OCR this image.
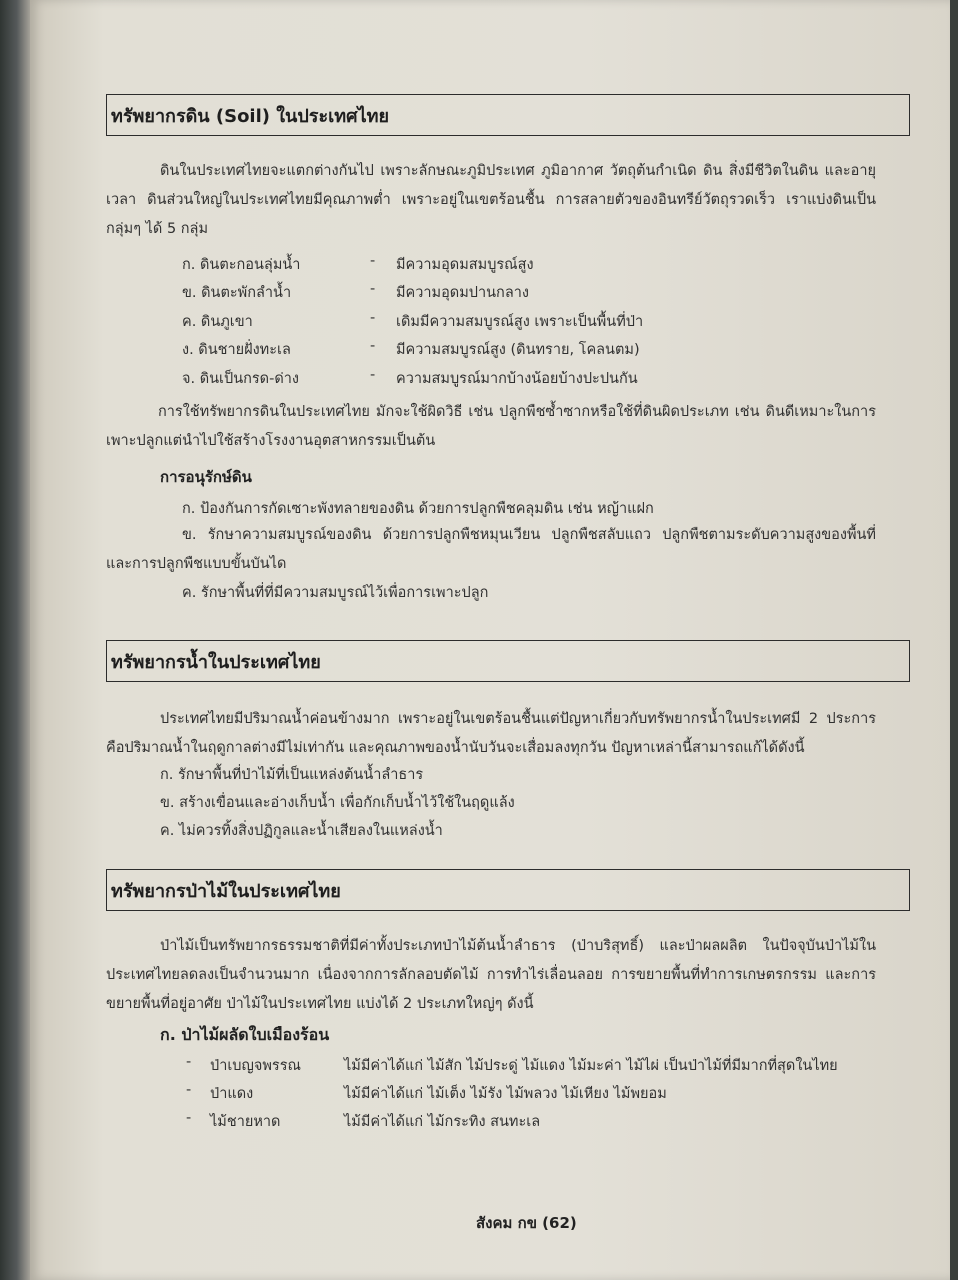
ทรัพยากรดิน (Soil) ในประเทศไทย
ดินในประเทศไทยจะแตกต่างกันไป เพราะลักษณะภูมิประเทศ ภูมิอากาศ วัตถุต้นกำเนิด ดิน สิ่งมีชีวิตในดิน และอายุเวลา ดินส่วนใหญ่ในประเทศไทยมีคุณภาพต่ำ เพราะอยู่ในเขตร้อนชื้น การสลายตัวของอินทรีย์วัตถุรวดเร็ว เราแบ่งดินเป็นกลุ่มๆ ได้ 5 กลุ่ม
ก. ดินตะกอนลุ่มน้ำ	- มีความอุดมสมบูรณ์สูง
ข. ดินตะพักลำน้ำ	- มีความอุดมปานกลาง
ค. ดินภูเขา	- เดิมมีความสมบูรณ์สูง เพราะเป็นพื้นที่ป่า
ง. ดินชายฝั่งทะเล	- มีความสมบูรณ์สูง (ดินทราย, โคลนตม)
จ. ดินเป็นกรด-ด่าง	- ความสมบูรณ์มากบ้างน้อยบ้างปะปนกัน
การใช้ทรัพยากรดินในประเทศไทย มักจะใช้ผิดวิธี เช่น ปลูกพืชซ้ำซากหรือใช้ที่ดินผิดประเภท เช่น ดินดีเหมาะในการเพาะปลูกแต่นำไปใช้สร้างโรงงานอุตสาหกรรมเป็นต้น
การอนุรักษ์ดิน
ก. ป้องกันการกัดเซาะพังทลายของดิน ด้วยการปลูกพืชคลุมดิน เช่น หญ้าแฝก
ข. รักษาความสมบูรณ์ของดิน ด้วยการปลูกพืชหมุนเวียน ปลูกพืชสลับแถว ปลูกพืชตามระดับความสูงของพื้นที่ และการปลูกพืชแบบขั้นบันได
ค. รักษาพื้นที่ที่มีความสมบูรณ์ไว้เพื่อการเพาะปลูก
ทรัพยากรน้ำในประเทศไทย
ประเทศไทยมีปริมาณน้ำค่อนข้างมาก เพราะอยู่ในเขตร้อนชื้นแต่ปัญหาเกี่ยวกับทรัพยากรน้ำในประเทศมี 2 ประการ คือปริมาณน้ำในฤดูกาลต่างมีไม่เท่ากัน และคุณภาพของน้ำนับวันจะเสื่อมลงทุกวัน ปัญหาเหล่านี้สามารถแก้ได้ดังนี้
ก. รักษาพื้นที่ป่าไม้ที่เป็นแหล่งต้นน้ำลำธาร
ข. สร้างเขื่อนและอ่างเก็บน้ำ เพื่อกักเก็บน้ำไว้ใช้ในฤดูแล้ง
ค. ไม่ควรทิ้งสิ่งปฏิกูลและน้ำเสียลงในแหล่งน้ำ
ทรัพยากรป่าไม้ในประเทศไทย
ป่าไม้เป็นทรัพยากรธรรมชาติที่มีค่าทั้งประเภทป่าไม้ต้นน้ำลำธาร (ป่าบริสุทธิ์) และป่าผลผลิต ในปัจจุบันป่าไม้ในประเทศไทยลดลงเป็นจำนวนมาก เนื่องจากการลักลอบตัดไม้ การทำไร่เลื่อนลอย การขยายพื้นที่ทำการเกษตรกรรม และการขยายพื้นที่อยู่อาศัย ป่าไม้ในประเทศไทย แบ่งได้ 2 ประเภทใหญ่ๆ ดังนี้
ก. ป่าไม้ผลัดใบเมืองร้อน
- ป่าเบญจพรรณ	ไม้มีค่าได้แก่ ไม้สัก ไม้ประดู่ ไม้แดง ไม้มะค่า ไม้ไผ่ เป็นป่าไม้ที่มีมากที่สุดในไทย
- ป่าแดง	ไม้มีค่าได้แก่ ไม้เต็ง ไม้รัง ไม้พลวง ไม้เหียง ไม้พยอม
- ไม้ชายหาด	ไม้มีค่าได้แก่ ไม้กระทิง สนทะเล
สังคม กข (62)
